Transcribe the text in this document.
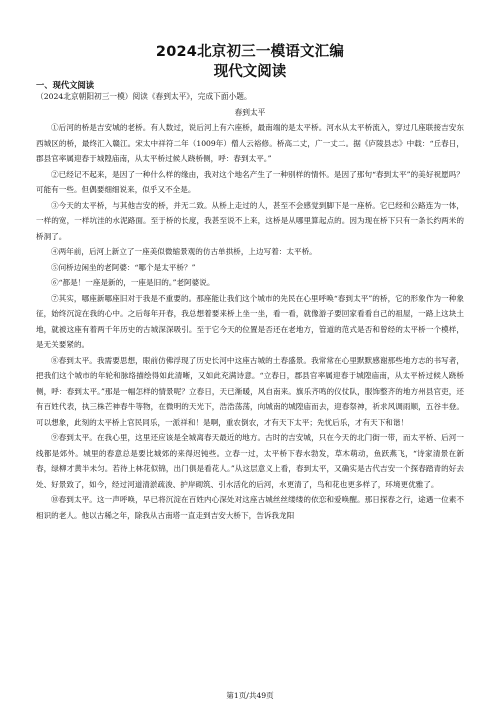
2024北京初三一模语文汇编
现代文阅读
一、现代文阅读
（2024北京朝阳初三一模）阅读《春到太平》，完成下面小题。
春到太平

①后河的桥是吉安城的老桥。有人数过，说后河上有六座桥，最南端的是太平桥。河水从太平桥流入，穿过几座联接吉安东西城区的桥，最终汇入赣江。宋太中祥符二年（1009年）僧人云裕修。桥高二丈，广一丈二。据《庐陵县志》中载：“丘春日，郡县官率属迎春于城隍庙南，从太平桥过候人跷桥侧，呼：春到太平。”

②已经记不起来，是因了一种什么样的缘由，我对这个地名产生了一种别样的情怀。是因了那句“春到太平”的美好祝愿吗？可能有一些。但偶要细细说来，似乎又不全是。

③今天的太平桥，与其他吉安的桥，并无二致。从桥上走过的人，甚至不会感觉到脚下是一座桥。它已经和公路连为一体，一样的宽，一样坑洼的水泥路面。至于桥的长度，我甚至说不上来，这桥是从哪里算起点的。因为现在桥下只有一条长约两米的桥洞了。

④两年前，后河上新立了一座美似微缩景观的仿古单拱桥，上边写着：太平桥。

⑤问桥边闲坐的老阿婆：“哪个是太平桥？”

⑥“都是！一座是新的，一座是旧的。”老阿婆说。

⑦其实，哪座新哪座旧对于我是不重要的。那座能让我们这个城市的先民在心里呼唤“春到太平”的桥，它的形象作为一种象征，始终沉淀在我的心中。之后每年开春，我总想着要来桥上坐一坐，看一看，就像游子要回家看看自己的祖屋，一路上这块土地，就被这座有着两千年历史的古城深深吸引。至于它今天的位置是否还在老地方，管道的范式是否和曾经的太平桥一个模样，是无关要紧的。

⑧春到太平。我需要思想，眼前仿佛浮现了历史长河中这座古城的土春盛景。我常常在心里默默感谢那些地方志的书写者，把我们这个城市的年轮和脉络描绘得如此清晰，又如此充满诗意。“立春日，郡县官率属迎春于城隍庙南，从太平桥过候人跷桥侧，呼：春到太平。”那是一幅怎样的情景呢？立春日，天已渐暖，风自南来。旗乐齐鸣的仪仗队，服饰整齐的地方州县官吏，还有百姓代表，执三株芒神春牛等物，在微明的天光下，浩浩荡荡，向城南的城隍庙而去，迎春祭神，祈求风调雨顺，五谷丰登。可以想象，此刻的太平桥上官民同乐，一派祥和！是啊，重农倒农，才有天下太平；先忧后乐，才有天下和谐！

⑨春到太平。在我心里，这里还应该是全城离春天最近的地方。古时的吉安城，只在今天的北门街一带，而太平桥、后河一线都是郊外。城里的春意总是要比城郊的来得迟钝些。立春一过，太平桥下春水勃发，草木萌动，鱼跃燕飞，“诗家清景在新春，绿柳才黄半未匀。若待上林花似锦，出门俱是看花人。”从这层意义上看，春到太平，又确实是古代吉安一个探春踏青的好去处、好景致了，如今，经过河道清淤疏浚、护岸砌筑、引水活化的后河，水更清了，鸟和花也更多样了，环境更优雅了。

⑩春到太平。这一声呼唤，早已将沉淀在百姓内心深处对这座古城丝丝缕缕的依恋和爱唤醒。那日探春之行，途遇一位素不相识的老人。他以古稀之年，除我从古南塔一直走到吉安大桥下，告诉我龙阳

第1页/共49页
